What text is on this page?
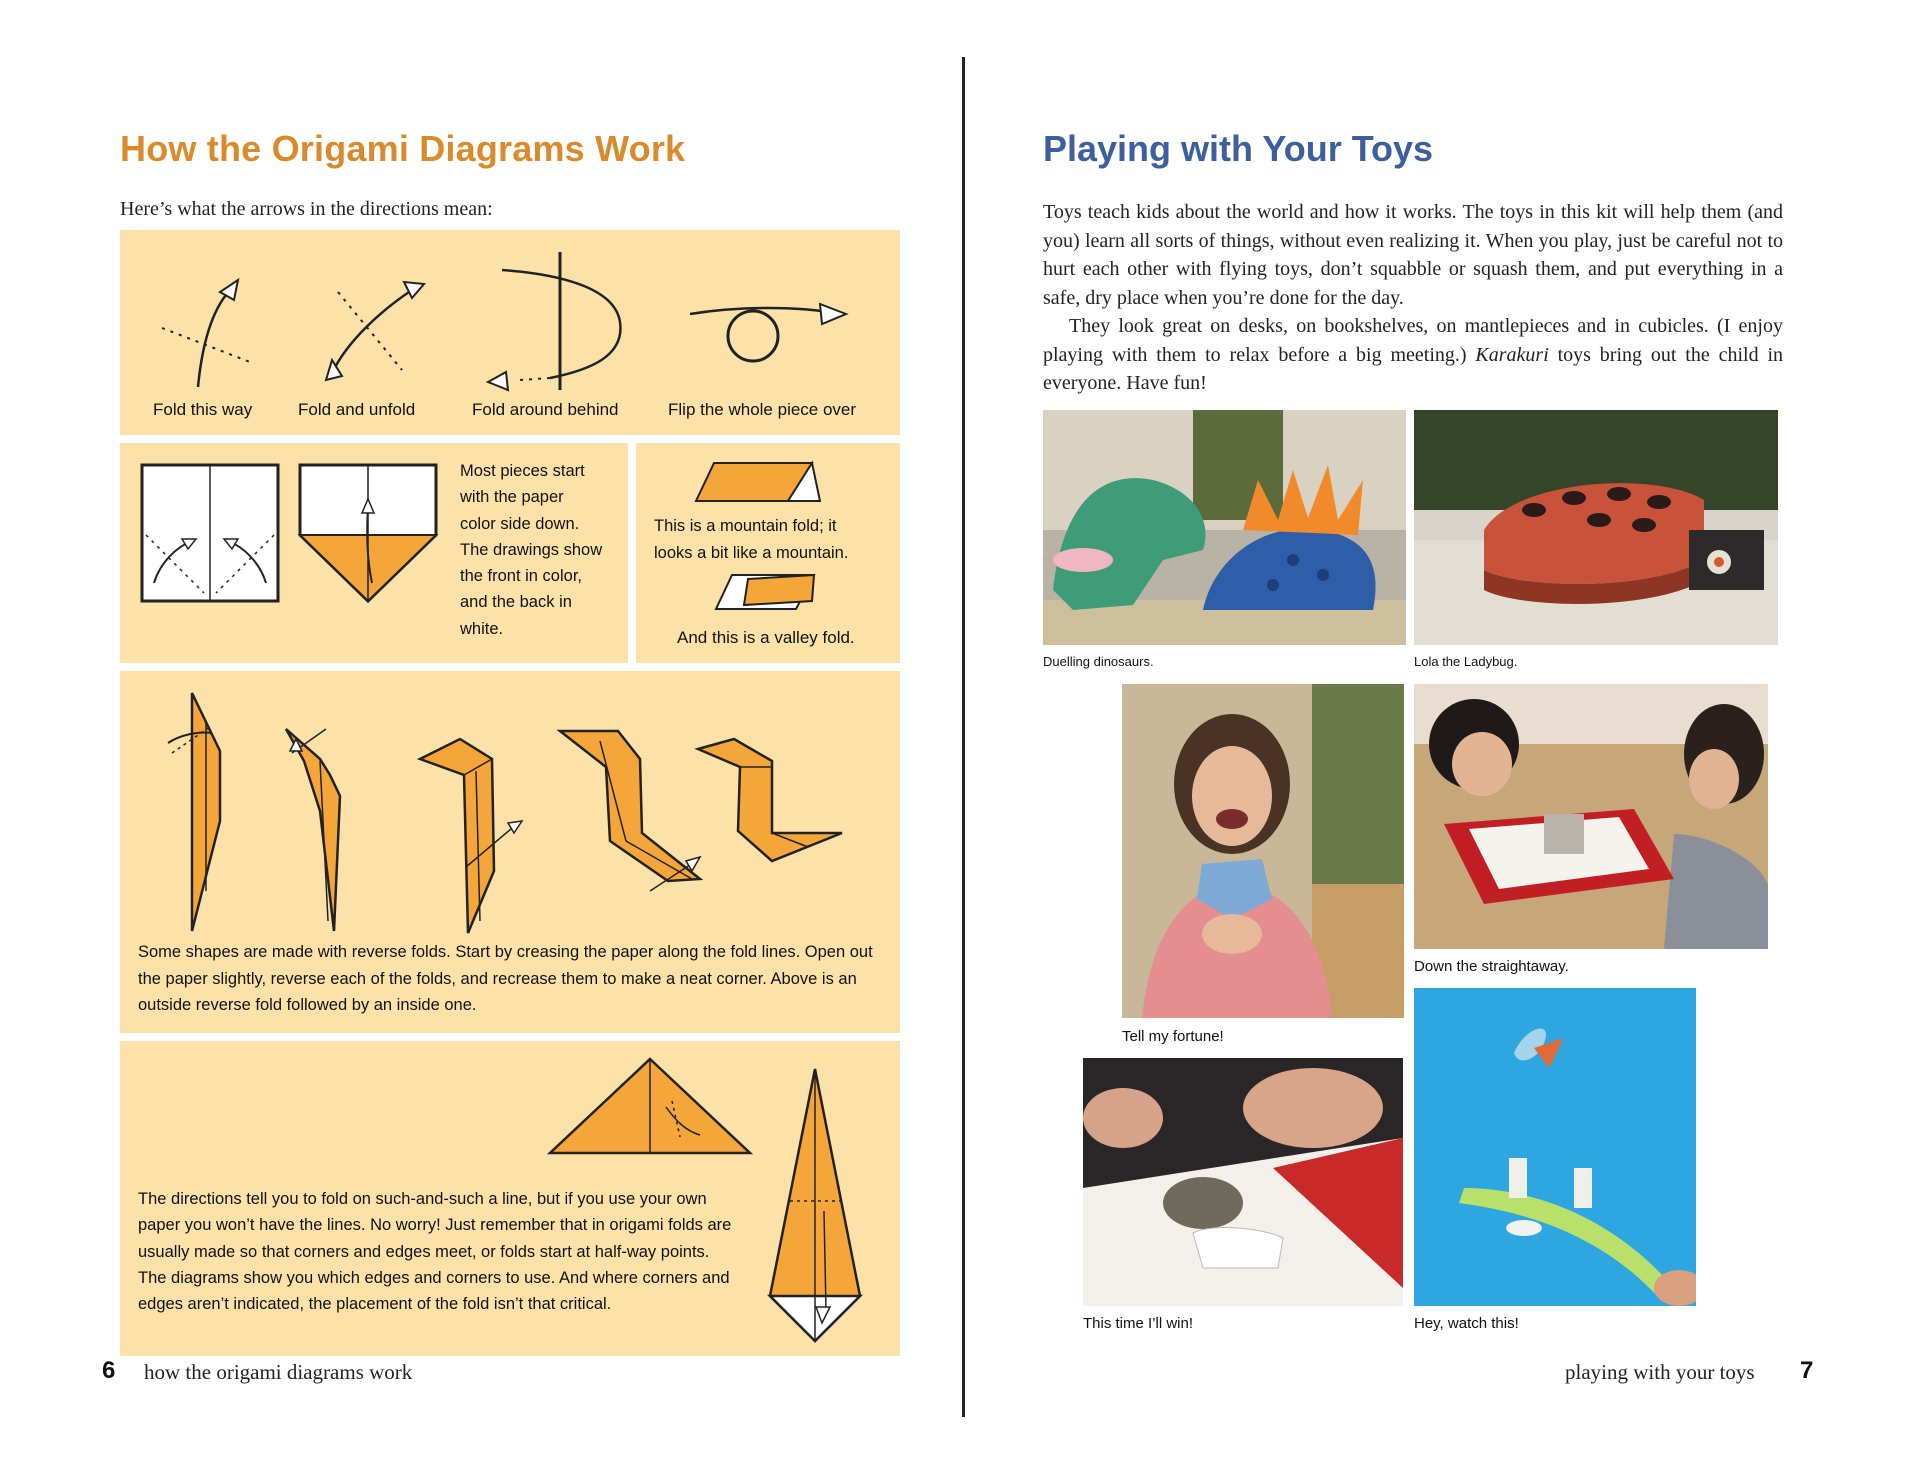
How the Origami Diagrams Work
Here’s what the arrows in the directions mean:
Fold this way	Fold and unfold	Fold around behind	Flip the whole piece over
Most pieces start
with the paper
color side down.
The drawings show
the front in color,
and the back in
white.
This is a mountain fold; it
looks a bit like a mountain.
And this is a valley fold.
Some shapes are made with reverse folds. Start by creasing the paper along the fold lines. Open out
the paper slightly, reverse each of the folds, and recrease them to make a neat corner. Above is an
outside reverse fold followed by an inside one.
The directions tell you to fold on such-and-such a line, but if you use your own
paper you won’t have the lines. No worry! Just remember that in origami folds are
usually made so that corners and edges meet, or folds start at half-way points.
The diagrams show you which edges and corners to use. And where corners and
edges aren’t indicated, the placement of the fold isn’t that critical.
6 how the origami diagrams work
Playing with Your Toys

Toys teach kids about the world and how it works. The toys in this kit will help them (and you) learn all sorts of things, without even realizing it. When you play, just be careful not to hurt each other with flying toys, don’t squabble or squash them, and put everything in a safe, dry place when you’re done for the day.

They look great on desks, on bookshelves, on mantlepieces and in cubicles. (I enjoy playing with them to relax before a big meeting.) Karakuri toys bring out the child in everyone. Have fun!

Duelling dinosaurs.	Lola the Ladybug.
Tell my fortune!
Down the straightaway.
This time I’ll win!	Hey, watch this!
playing with your toys 7
